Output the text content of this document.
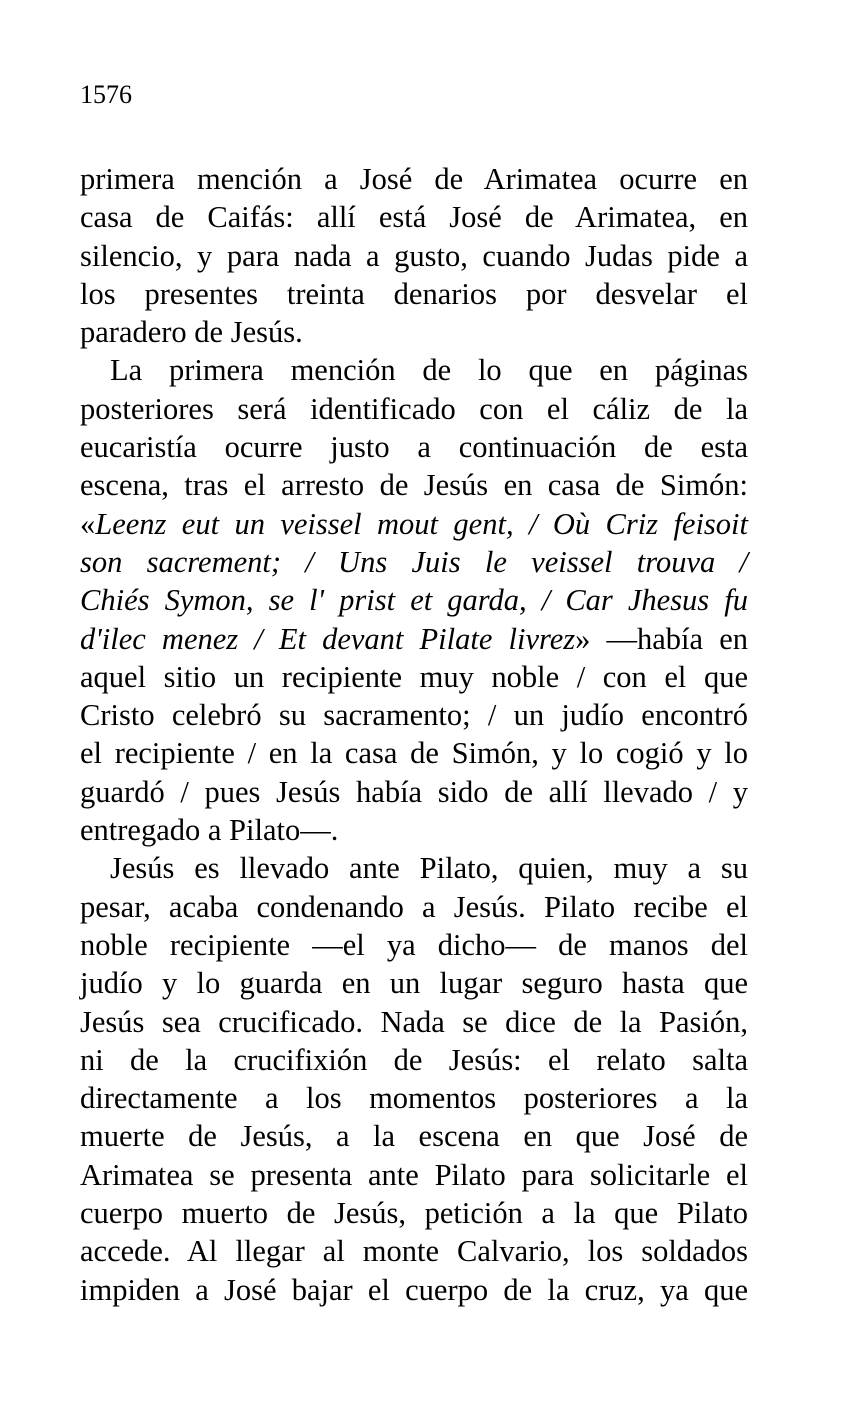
1576
primera mención a José de Arimatea ocurre en
casa de Caifás: allí está José de Arimatea, en
silencio, y para nada a gusto, cuando Judas pide a
los presentes treinta denarios por desvelar el
paradero de Jesús.
La primera mención de lo que en páginas
posteriores será identificado con el cáliz de la
eucaristía ocurre justo a continuación de esta
escena, tras el arresto de Jesús en casa de Simón:
«Leenz eut un veissel mout gent, / Où Criz feisoit
son sacrement; / Uns Juis le veissel trouva /
Chiés Symon, se l' prist et garda, / Car Jhesus fu
d'ilec menez / Et devant Pilate livrez» —había en
aquel sitio un recipiente muy noble / con el que
Cristo celebró su sacramento; / un judío encontró
el recipiente / en la casa de Simón, y lo cogió y lo
guardó / pues Jesús había sido de allí llevado / y
entregado a Pilato—.
Jesús es llevado ante Pilato, quien, muy a su
pesar, acaba condenando a Jesús. Pilato recibe el
noble recipiente —el ya dicho— de manos del
judío y lo guarda en un lugar seguro hasta que
Jesús sea crucificado. Nada se dice de la Pasión,
ni de la crucifixión de Jesús: el relato salta
directamente a los momentos posteriores a la
muerte de Jesús, a la escena en que José de
Arimatea se presenta ante Pilato para solicitarle el
cuerpo muerto de Jesús, petición a la que Pilato
accede. Al llegar al monte Calvario, los soldados
impiden a José bajar el cuerpo de la cruz, ya que
